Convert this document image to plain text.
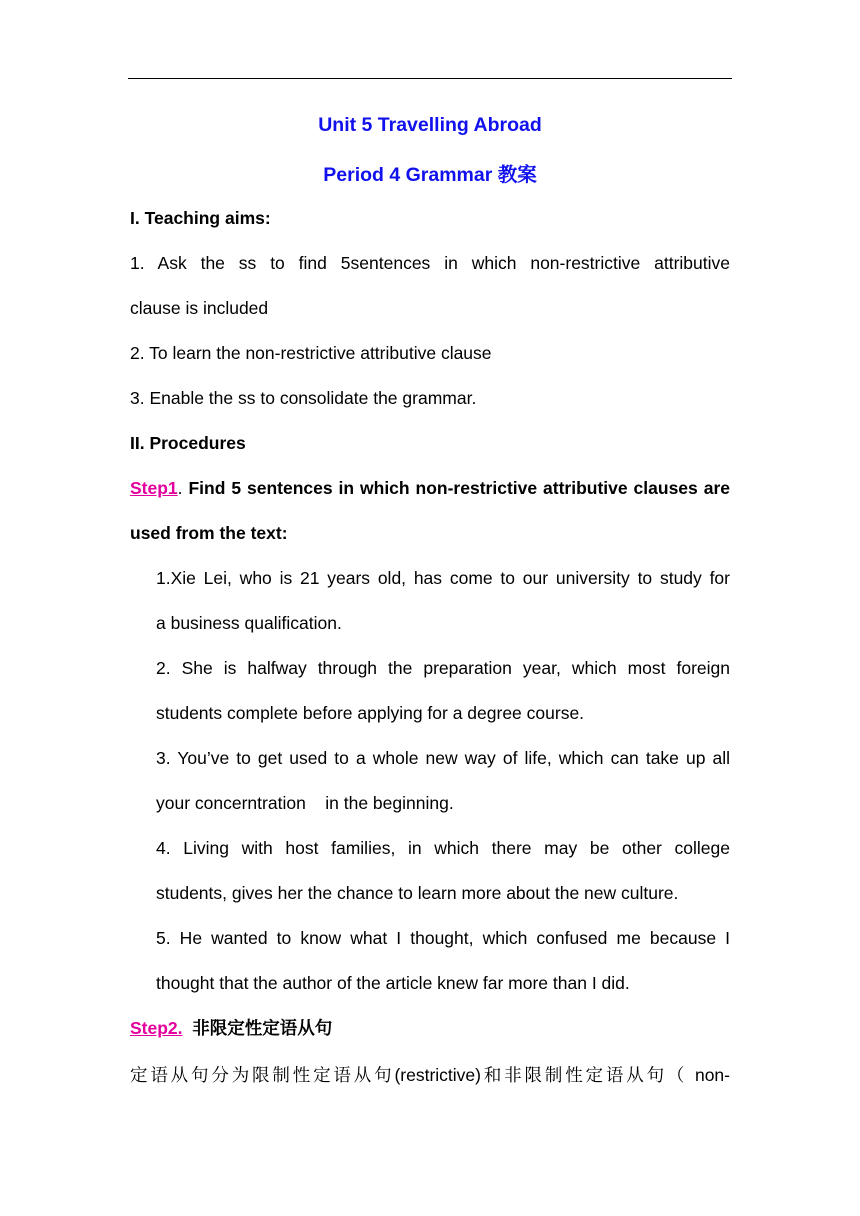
Unit 5 Travelling Abroad
Period 4 Grammar 教案
I. Teaching aims:
1. Ask the ss to find 5sentences in which non-restrictive attributive
clause is included
2. To learn the non-restrictive attributive clause
3. Enable the ss to consolidate the grammar.
II. Procedures
Step1. Find 5 sentences in which non-restrictive attributive clauses are
used from the text:
1.Xie Lei, who is 21 years old, has come to our university to study for
a business qualification.
2. She is halfway through the preparation year, which most foreign
students complete before applying for a degree course.
3. You’ve to get used to a whole new way of life, which can take up all
your concerntration    in the beginning.
4. Living with host families, in which there may be other college
students, gives her the chance to learn more about the new culture.
5. He wanted to know what I thought, which confused me because I
thought that the author of the article knew far more than I did.
Step2. 非限定性定语从句
定语从句分为限制性定语从句(restrictive)和非限制性定语从句（ non-
